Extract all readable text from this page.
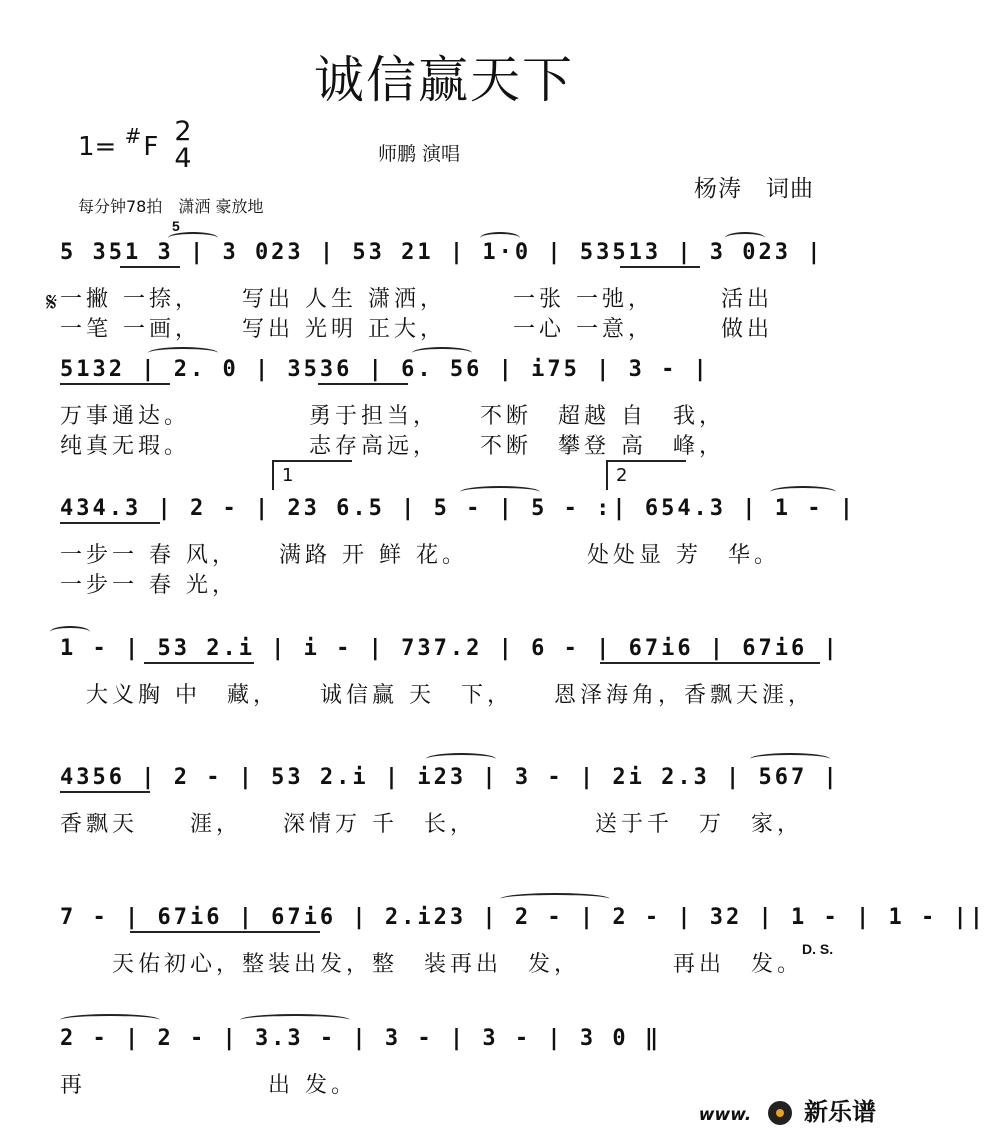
诚信赢天下
1= #F 2
4	师鹏 演唱
杨涛　词曲
每分钟78拍　潇洒 豪放地
5
5 351 3 | 3 023 | 53 21 | 1·0 | 53513 | 3 023 |
𝄋 一撇 一捺，　　写出 人生 潇洒，　　　一张 一弛，　　　活出
一笔 一画，　　写出 光明 正大，　　　一心 一意，　　　做出
5132 | 2. 0 | 3536 | 6. 56 | i75 | 3 - |
万事通达。　　　　　勇于担当，　　不断　超越 自　我，
纯真无瑕。　　　　　志存高远，　　不断　攀登 高　峰，
1	2
434.3 | 2 - | 23 6.5 | 5 - | 5 - :| 654.3 | 1 - |
一步一 春 风，　　满路 开 鲜 花。　　　　　处处显 芳　华。
一步一 春 光，
1 - | 53 2.i | i - | 737.2 | 6 - | 67i6 | 67i6 |
　大义胸 中　藏，　　诚信赢 天　下，　　恩泽海角，香飘天涯，
4356 | 2 - | 53 2.i | i23 | 3 - | 2i 2.3 | 567 |
香飘天　　涯，　　深情万 千　长，　　　　　送于千　万　家，
7 - | 67i6 | 67i6 | 2.i23 | 2 - | 2 - | 32 | 1 - | 1 - ||
D. S.
　　天佑初心，整装出发，整　装再出　发，　　　　再出　发。
2 - | 2 - | 3.3 - | 3 - | 3 - | 3 0 ‖
再　　　　　　　出 发。
www. 新乐谱
